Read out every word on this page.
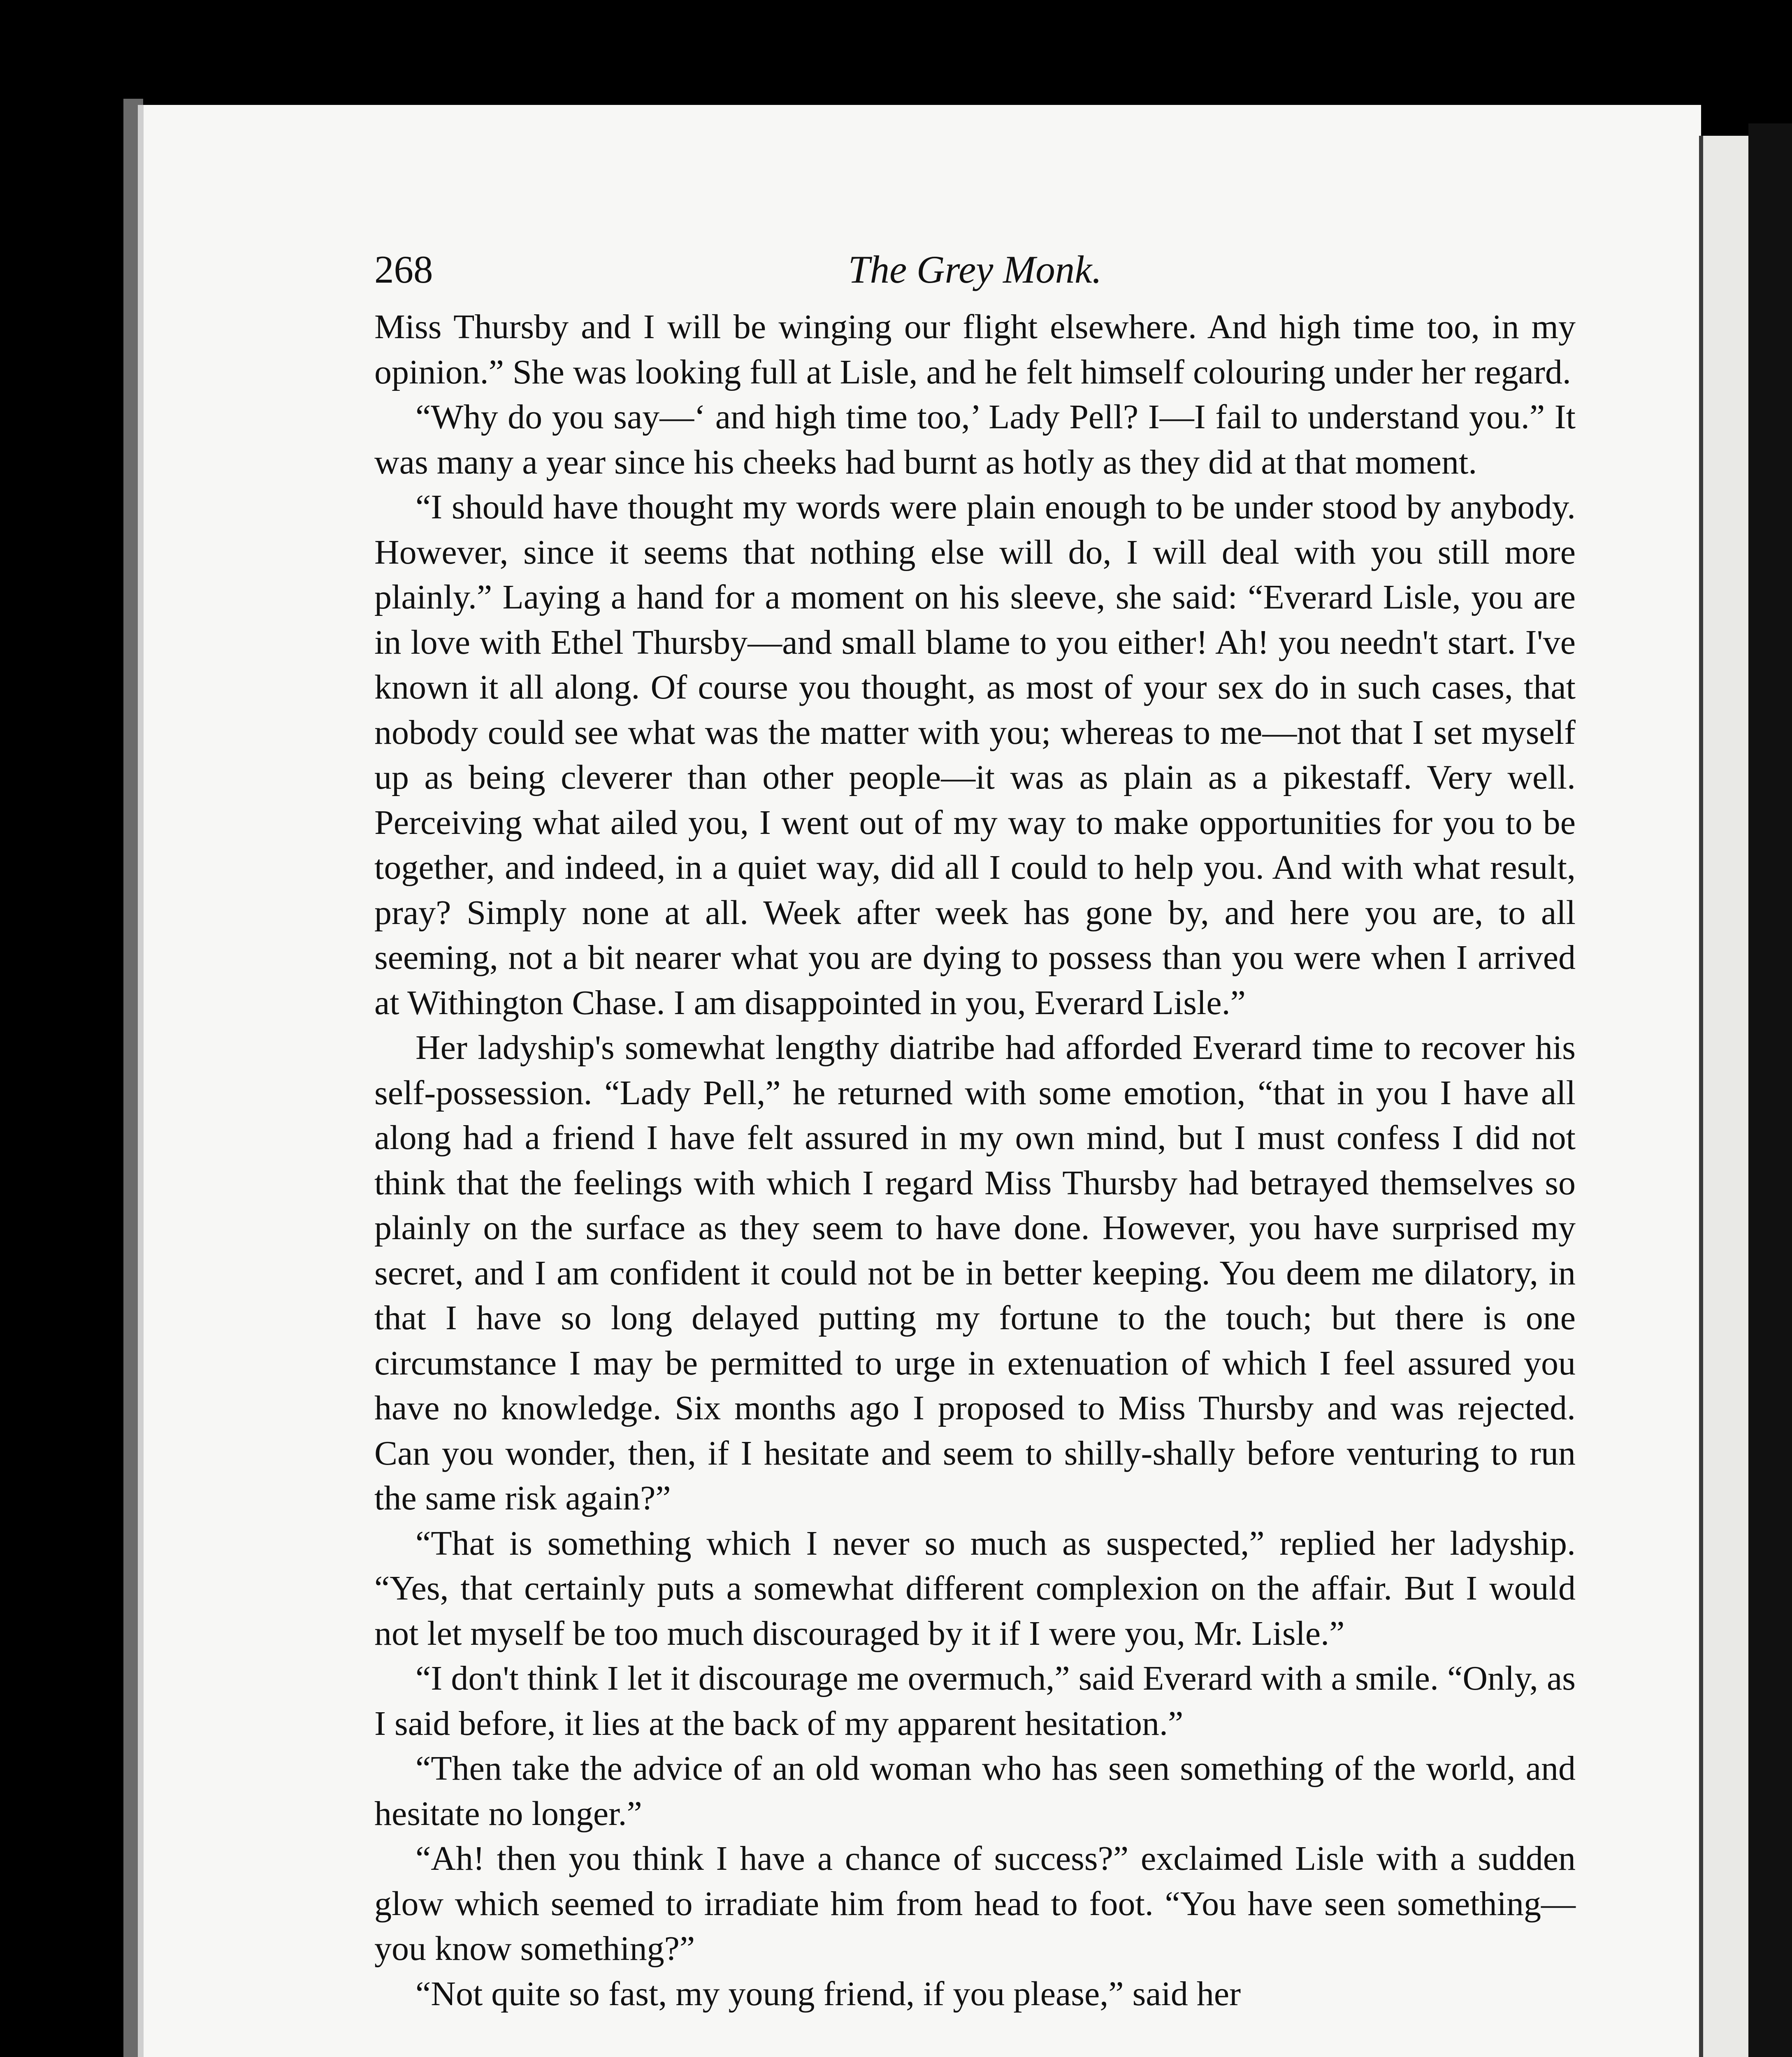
268	The Grey Monk.

Miss Thursby and I will be winging our flight elsewhere. And high time too, in my opinion.” She was looking full at Lisle, and he felt himself colouring under her regard.

“Why do you say—‘ and high time too,’ Lady Pell? I—I fail to understand you.” It was many a year since his cheeks had burnt as hotly as they did at that moment.

“I should have thought my words were plain enough to be under stood by anybody. However, since it seems that nothing else will do, I will deal with you still more plainly.” Laying a hand for a moment on his sleeve, she said: “Everard Lisle, you are in love with Ethel Thursby—and small blame to you either! Ah! you needn't start. I've known it all along. Of course you thought, as most of your sex do in such cases, that nobody could see what was the matter with you; whereas to me—not that I set myself up as being cleverer than other people—it was as plain as a pikestaff. Very well. Perceiving what ailed you, I went out of my way to make opportunities for you to be together, and indeed, in a quiet way, did all I could to help you. And with what result, pray? Simply none at all. Week after week has gone by, and here you are, to all seeming, not a bit nearer what you are dying to possess than you were when I arrived at Withington Chase. I am disappointed in you, Everard Lisle.”

Her ladyship's somewhat lengthy diatribe had afforded Everard time to recover his self-possession. “Lady Pell,” he returned with some emotion, “that in you I have all along had a friend I have felt assured in my own mind, but I must confess I did not think that the feelings with which I regard Miss Thursby had betrayed themselves so plainly on the surface as they seem to have done. However, you have surprised my secret, and I am confident it could not be in better keeping. You deem me dilatory, in that I have so long delayed putting my fortune to the touch; but there is one circumstance I may be permitted to urge in extenuation of which I feel assured you have no knowledge. Six months ago I proposed to Miss Thursby and was rejected. Can you wonder, then, if I hesitate and seem to shilly-shally before venturing to run the same risk again?”

“That is something which I never so much as suspected,” replied her ladyship. “Yes, that certainly puts a somewhat different complexion on the affair. But I would not let myself be too much discouraged by it if I were you, Mr. Lisle.”

“I don't think I let it discourage me overmuch,” said Everard with a smile. “Only, as I said before, it lies at the back of my apparent hesitation.”

“Then take the advice of an old woman who has seen something of the world, and hesitate no longer.”

“Ah! then you think I have a chance of success?” exclaimed Lisle with a sudden glow which seemed to irradiate him from head to foot. “You have seen something—you know something?”

“Not quite so fast, my young friend, if you please,” said her
